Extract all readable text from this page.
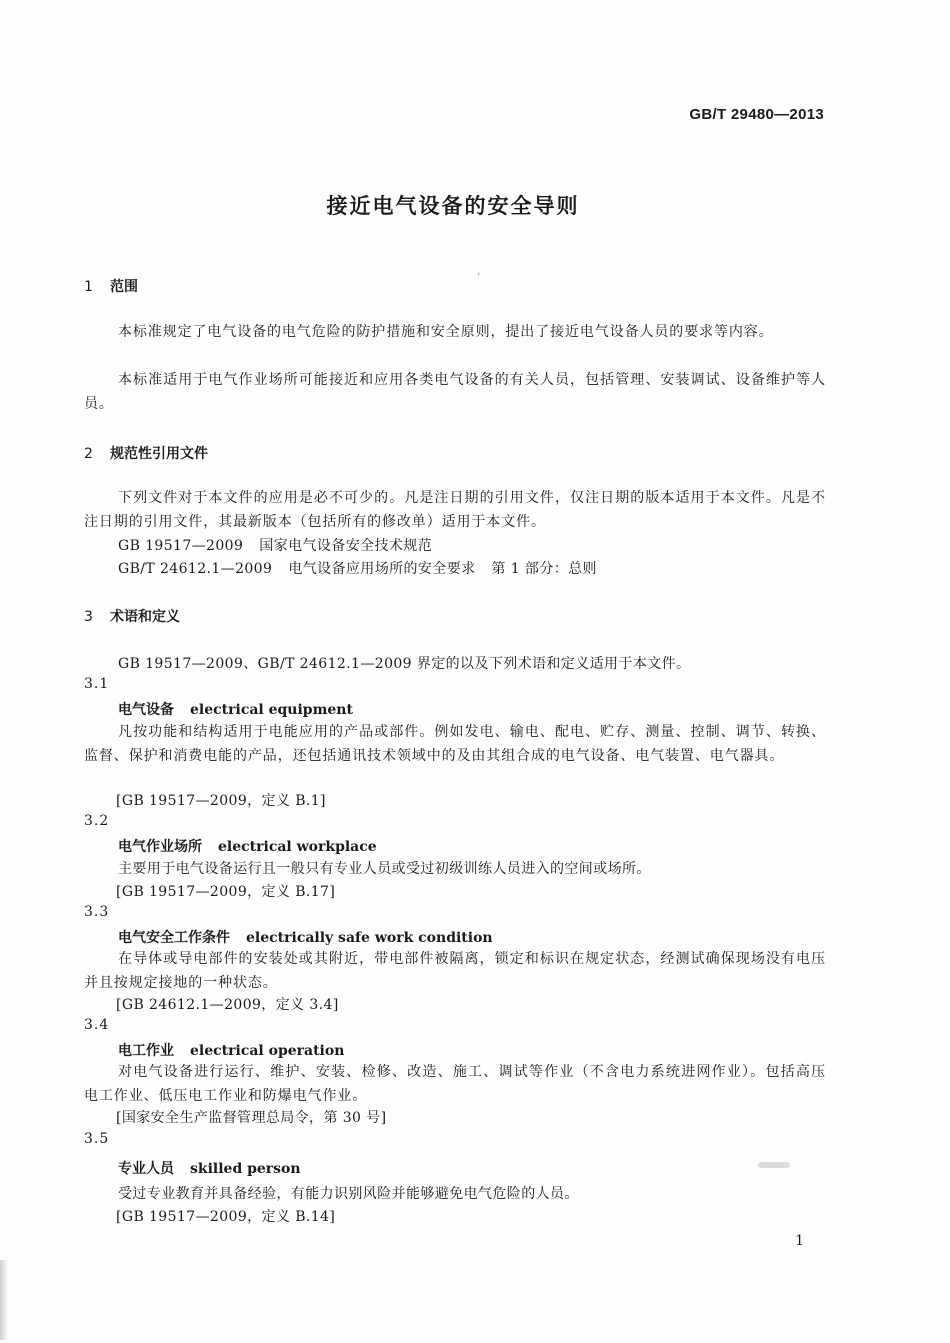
GB/T 29480—2013
接近电气设备的安全导则
ʻ
1 范围
本标准规定了电气设备的电气危险的防护措施和安全原则，提出了接近电气设备人员的要求等内容。
本标准适用于电气作业场所可能接近和应用各类电气设备的有关人员，包括管理、安装调试、设备维护等人员。
2 规范性引用文件
下列文件对于本文件的应用是必不可少的。凡是注日期的引用文件，仅注日期的版本适用于本文件。凡是不注日期的引用文件，其最新版本（包括所有的修改单）适用于本文件。
GB 19517—2009 国家电气设备安全技术规范
GB/T 24612.1—2009 电气设备应用场所的安全要求 第 1 部分：总则
3 术语和定义
GB 19517—2009、GB/T 24612.1—2009 界定的以及下列术语和定义适用于本文件。
3.1
电气设备 electrical equipment
凡按功能和结构适用于电能应用的产品或部件。例如发电、输电、配电、贮存、测量、控制、调节、转换、监督、保护和消费电能的产品，还包括通讯技术领域中的及由其组合成的电气设备、电气装置、电气器具。
[GB 19517—2009，定义 B.1]
3.2
电气作业场所 electrical workplace
主要用于电气设备运行且一般只有专业人员或受过初级训练人员进入的空间或场所。
[GB 19517—2009，定义 B.17]
3.3
电气安全工作条件 electrically safe work condition
在导体或导电部件的安装处或其附近，带电部件被隔离，锁定和标识在规定状态，经测试确保现场没有电压并且按规定接地的一种状态。
[GB 24612.1—2009，定义 3.4]
3.4
电工作业 electrical operation
对电气设备进行运行、维护、安装、检修、改造、施工、调试等作业（不含电力系统进网作业）。包括高压电工作业、低压电工作业和防爆电气作业。
[国家安全生产监督管理总局令，第 30 号]
3.5
专业人员 skilled person
受过专业教育并具备经验，有能力识别风险并能够避免电气危险的人员。
[GB 19517—2009，定义 B.14]
1
